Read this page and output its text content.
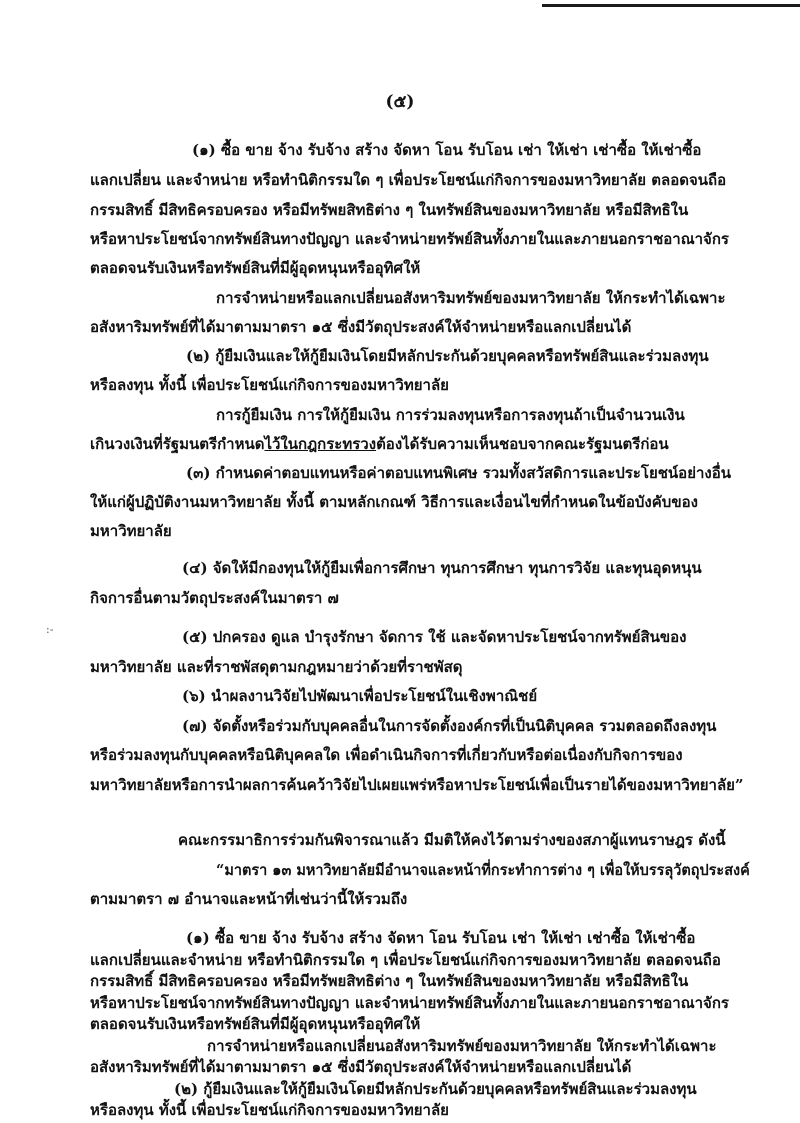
(๕)
:-
(๑) ซื้อ ขาย จ้าง รับจ้าง สร้าง จัดหา โอน รับโอน เช่า ให้เช่า เช่าซื้อ ให้เช่าซื้อ
แลกเปลี่ยน และจำหน่าย หรือทำนิติกรรมใด ๆ เพื่อประโยชน์แก่กิจการของมหาวิทยาลัย ตลอดจนถือ
กรรมสิทธิ์ มีสิทธิครอบครอง หรือมีทรัพยสิทธิต่าง ๆ ในทรัพย์สินของมหาวิทยาลัย หรือมีสิทธิใน
หรือหาประโยชน์จากทรัพย์สินทางปัญญา และจำหน่ายทรัพย์สินทั้งภายในและภายนอกราชอาณาจักร
ตลอดจนรับเงินหรือทรัพย์สินที่มีผู้อุดหนุนหรืออุทิศให้
การจำหน่ายหรือแลกเปลี่ยนอสังหาริมทรัพย์ของมหาวิทยาลัย ให้กระทำได้เฉพาะ
อสังหาริมทรัพย์ที่ได้มาตามมาตรา ๑๕ ซึ่งมีวัตถุประสงค์ให้จำหน่ายหรือแลกเปลี่ยนได้
(๒) กู้ยืมเงินและให้กู้ยืมเงินโดยมีหลักประกันด้วยบุคคลหรือทรัพย์สินและร่วมลงทุน
หรือลงทุน ทั้งนี้ เพื่อประโยชน์แก่กิจการของมหาวิทยาลัย
การกู้ยืมเงิน การให้กู้ยืมเงิน การร่วมลงทุนหรือการลงทุนถ้าเป็นจำนวนเงิน
เกินวงเงินที่รัฐมนตรีกำหนดไว้ในกฎกระทรวงต้องได้รับความเห็นชอบจากคณะรัฐมนตรีก่อน
(๓) กำหนดค่าตอบแทนหรือค่าตอบแทนพิเศษ รวมทั้งสวัสดิการและประโยชน์อย่างอื่น
ให้แก่ผู้ปฏิบัติงานมหาวิทยาลัย ทั้งนี้ ตามหลักเกณฑ์ วิธีการและเงื่อนไขที่กำหนดในข้อบังคับของ
มหาวิทยาลัย
(๔) จัดให้มีกองทุนให้กู้ยืมเพื่อการศึกษา ทุนการศึกษา ทุนการวิจัย และทุนอุดหนุน
กิจการอื่นตามวัตถุประสงค์ในมาตรา ๗
(๕) ปกครอง ดูแล บำรุงรักษา จัดการ ใช้ และจัดหาประโยชน์จากทรัพย์สินของ
มหาวิทยาลัย และที่ราชพัสดุตามกฎหมายว่าด้วยที่ราชพัสดุ
(๖) นำผลงานวิจัยไปพัฒนาเพื่อประโยชน์ในเชิงพาณิชย์
(๗) จัดตั้งหรือร่วมกับบุคคลอื่นในการจัดตั้งองค์กรที่เป็นนิติบุคคล รวมตลอดถึงลงทุน
หรือร่วมลงทุนกับบุคคลหรือนิติบุคคลใด เพื่อดำเนินกิจการที่เกี่ยวกับหรือต่อเนื่องกับกิจการของ
มหาวิทยาลัยหรือการนำผลการค้นคว้าวิจัยไปเผยแพร่หรือหาประโยชน์เพื่อเป็นรายได้ของมหาวิทยาลัย”
คณะกรรมาธิการร่วมกันพิจารณาแล้ว มีมติให้คงไว้ตามร่างของสภาผู้แทนราษฎร ดังนี้
“มาตรา ๑๓ มหาวิทยาลัยมีอำนาจและหน้าที่กระทำการต่าง ๆ เพื่อให้บรรลุวัตถุประสงค์
ตามมาตรา ๗ อำนาจและหน้าที่เช่นว่านี้ให้รวมถึง
(๑) ซื้อ ขาย จ้าง รับจ้าง สร้าง จัดหา โอน รับโอน เช่า ให้เช่า เช่าซื้อ ให้เช่าซื้อ
แลกเปลี่ยนและจำหน่าย หรือทำนิติกรรมใด ๆ เพื่อประโยชน์แก่กิจการของมหาวิทยาลัย ตลอดจนถือ
กรรมสิทธิ์ มีสิทธิครอบครอง หรือมีทรัพยสิทธิต่าง ๆ ในทรัพย์สินของมหาวิทยาลัย หรือมีสิทธิใน
หรือหาประโยชน์จากทรัพย์สินทางปัญญา และจำหน่ายทรัพย์สินทั้งภายในและภายนอกราชอาณาจักร
ตลอดจนรับเงินหรือทรัพย์สินที่มีผู้อุดหนุนหรืออุทิศให้
การจำหน่ายหรือแลกเปลี่ยนอสังหาริมทรัพย์ของมหาวิทยาลัย ให้กระทำได้เฉพาะ
อสังหาริมทรัพย์ที่ได้มาตามมาตรา ๑๕ ซึ่งมีวัตถุประสงค์ให้จำหน่ายหรือแลกเปลี่ยนได้
(๒) กู้ยืมเงินและให้กู้ยืมเงินโดยมีหลักประกันด้วยบุคคลหรือทรัพย์สินและร่วมลงทุน
หรือลงทุน ทั้งนี้ เพื่อประโยชน์แก่กิจการของมหาวิทยาลัย
